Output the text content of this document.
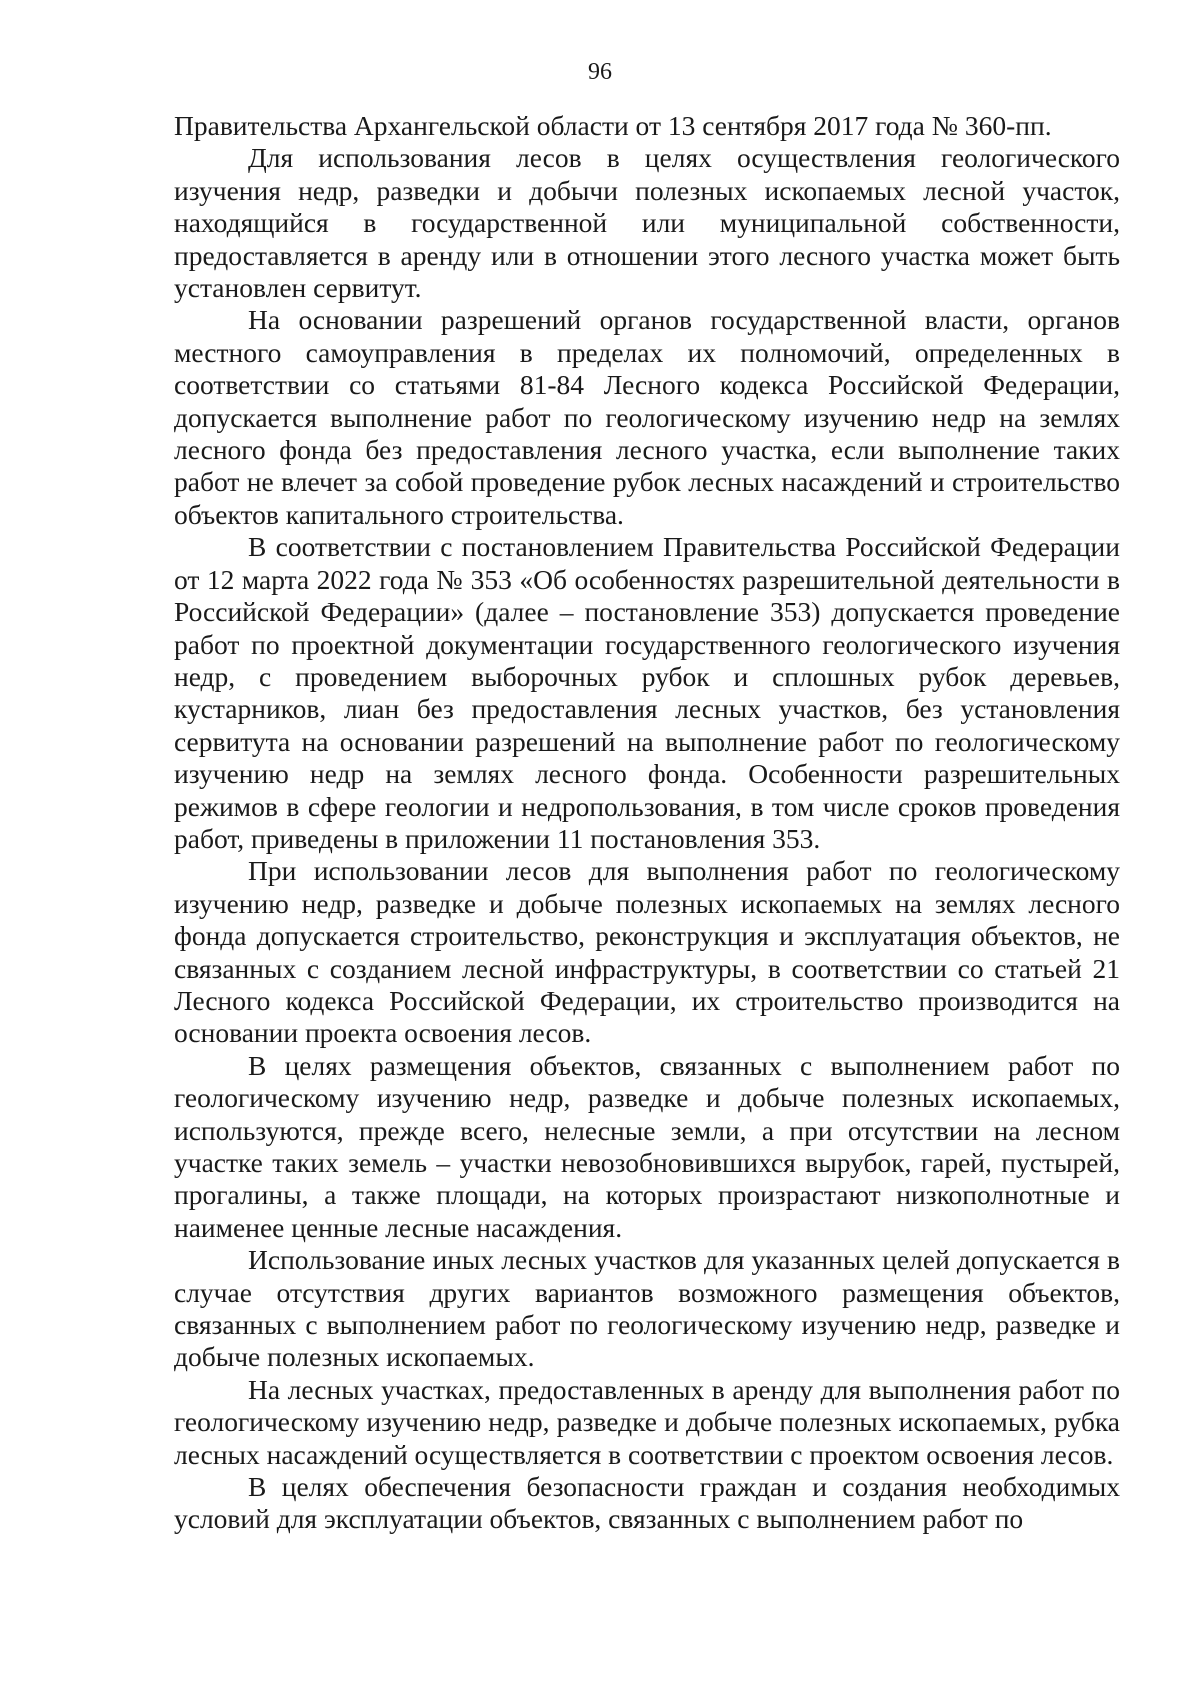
96

Правительства Архангельской области от 13 сентября 2017 года № 360-пп.

Для использования лесов в целях осуществления геологического изучения недр, разведки и добычи полезных ископаемых лесной участок, находящийся в государственной или муниципальной собственности, предоставляется в аренду или в отношении этого лесного участка может быть установлен сервитут.

На основании разрешений органов государственной власти, органов местного самоуправления в пределах их полномочий, определенных в соответствии со статьями 81-84 Лесного кодекса Российской Федерации, допускается выполнение работ по геологическому изучению недр на землях лесного фонда без предоставления лесного участка, если выполнение таких работ не влечет за собой проведение рубок лесных насаждений и строительство объектов капитального строительства.

В соответствии с постановлением Правительства Российской Федерации от 12 марта 2022 года № 353 «Об особенностях разрешительной деятельности в Российской Федерации» (далее – постановление 353) допускается проведение работ по проектной документации государственного геологического изучения недр, с проведением выборочных рубок и сплошных рубок деревьев, кустарников, лиан без предоставления лесных участков, без установления сервитута на основании разрешений на выполнение работ по геологическому изучению недр на землях лесного фонда. Особенности разрешительных режимов в сфере геологии и недропользования, в том числе сроков проведения работ, приведены в приложении 11 постановления 353.

При использовании лесов для выполнения работ по геологическому изучению недр, разведке и добыче полезных ископаемых на землях лесного фонда допускается строительство, реконструкция и эксплуатация объектов, не связанных с созданием лесной инфраструктуры, в соответствии со статьей 21 Лесного кодекса Российской Федерации, их строительство производится на основании проекта освоения лесов.

В целях размещения объектов, связанных с выполнением работ по геологическому изучению недр, разведке и добыче полезных ископаемых, используются, прежде всего, нелесные земли, а при отсутствии на лесном участке таких земель – участки невозобновившихся вырубок, гарей, пустырей, прогалины, а также площади, на которых произрастают низкополнотные и наименее ценные лесные насаждения.

Использование иных лесных участков для указанных целей допускается в случае отсутствия других вариантов возможного размещения объектов, связанных с выполнением работ по геологическому изучению недр, разведке и добыче полезных ископаемых.

На лесных участках, предоставленных в аренду для выполнения работ по геологическому изучению недр, разведке и добыче полезных ископаемых, рубка лесных насаждений осуществляется в соответствии с проектом освоения лесов.

В целях обеспечения безопасности граждан и создания необходимых условий для эксплуатации объектов, связанных с выполнением работ по
